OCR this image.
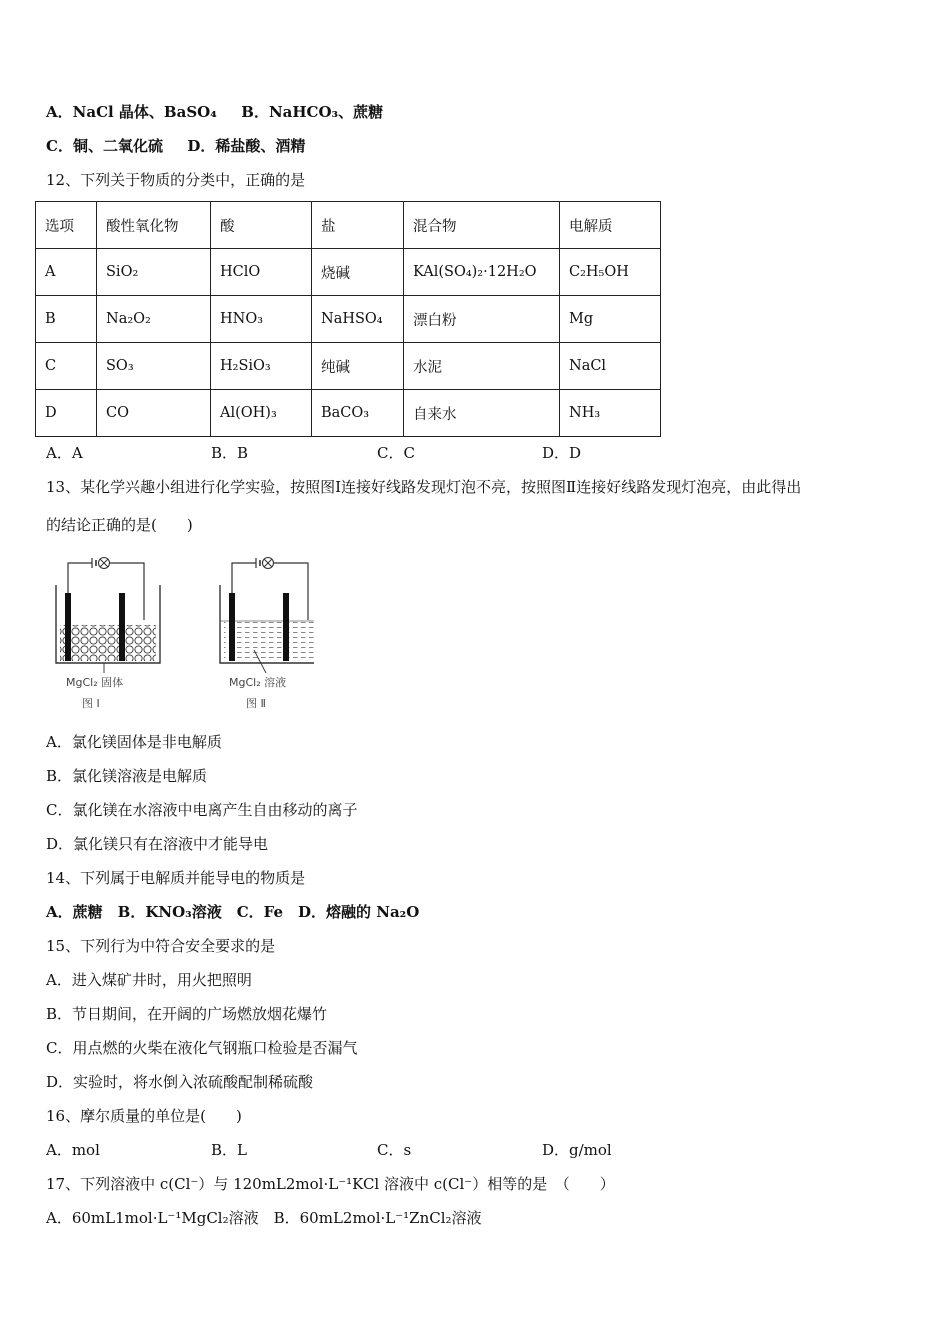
A．NaCl 晶体、BaSO₄ B．NaHCO₃、蔗糖
C．铜、二氧化硫 D．稀盐酸、酒精
12、下列关于物质的分类中，正确的是
选项	酸性氧化物	酸	盐	混合物	电解质
A	SiO₂	HClO	烧碱	KAl(SO₄)₂·12H₂O	C₂H₅OH
B	Na₂O₂	HNO₃	NaHSO₄	漂白粉	Mg
C	SO₃	H₂SiO₃	纯碱	水泥	NaCl
D	CO	Al(OH)₃	BaCO₃	自来水	NH₃
A．A	B．B	C．C	D．D
13、某化学兴趣小组进行化学实验，按照图Ⅰ连接好线路发现灯泡不亮，按照图Ⅱ连接好线路发现灯泡亮，由此得出
的结论正确的是(　　)
MgCl₂ 固体
图 Ⅰ
MgCl₂ 溶液
图 Ⅱ
A．氯化镁固体是非电解质
B．氯化镁溶液是电解质
C．氯化镁在水溶液中电离产生自由移动的离子
D．氯化镁只有在溶液中才能导电
14、下列属于电解质并能导电的物质是
A．蔗糖　B．KNO₃溶液　C．Fe　D．熔融的 Na₂O
15、下列行为中符合安全要求的是
A．进入煤矿井时，用火把照明
B．节日期间，在开阔的广场燃放烟花爆竹
C．用点燃的火柴在液化气钢瓶口检验是否漏气
D．实验时，将水倒入浓硫酸配制稀硫酸
16、摩尔质量的单位是(　　)
A．mol	B．L	C．s	D．g/mol
17、下列溶液中 c(Cl⁻）与 120mL2mol·L⁻¹KCl 溶液中 c(Cl⁻）相等的是　（　　）
A．60mL1mol·L⁻¹MgCl₂溶液　B．60mL2mol·L⁻¹ZnCl₂溶液
